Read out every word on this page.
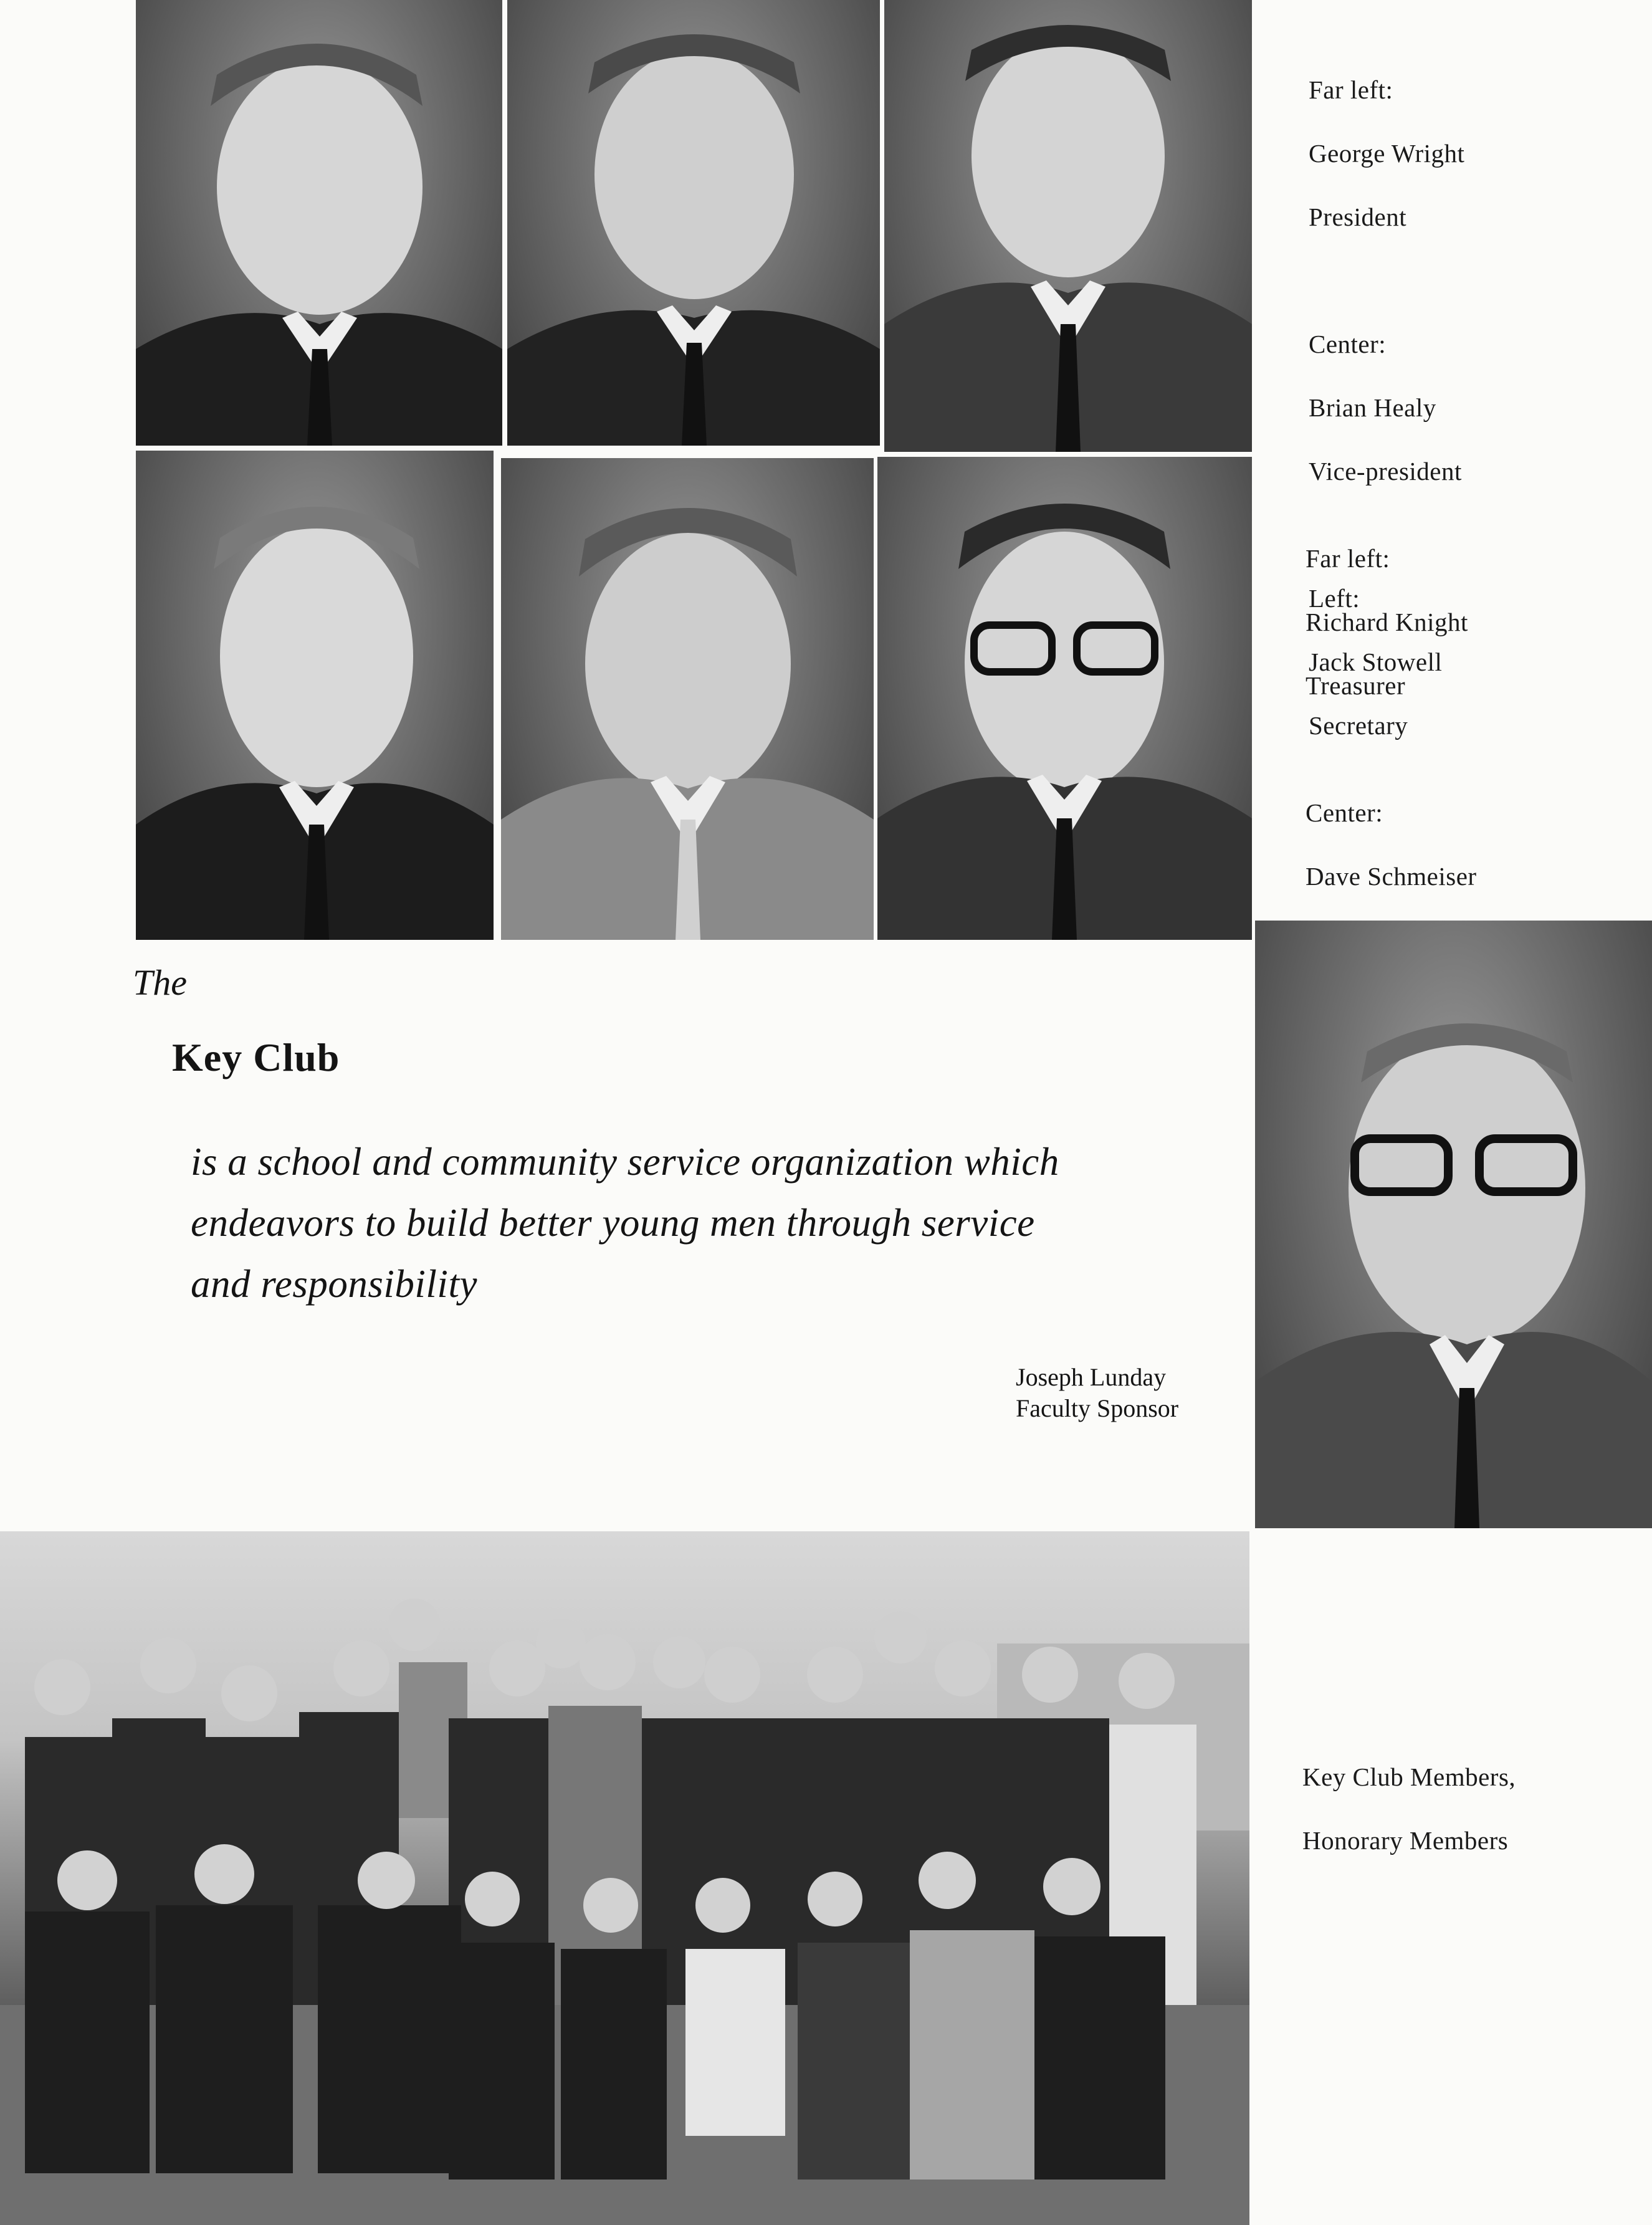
Far left:

George Wright

President

Center:

Brian Healy

Vice-president

Left:

Jack Stowell

Secretary

Far left:

Richard Knight

Treasurer

Center:

Dave Schmeiser

The
Key Club
is a school and community service organization which
endeavors to build better young men through service
and responsibility
Joseph Lunday
Faculty Sponsor

Key Club Members,

Honorary Members
